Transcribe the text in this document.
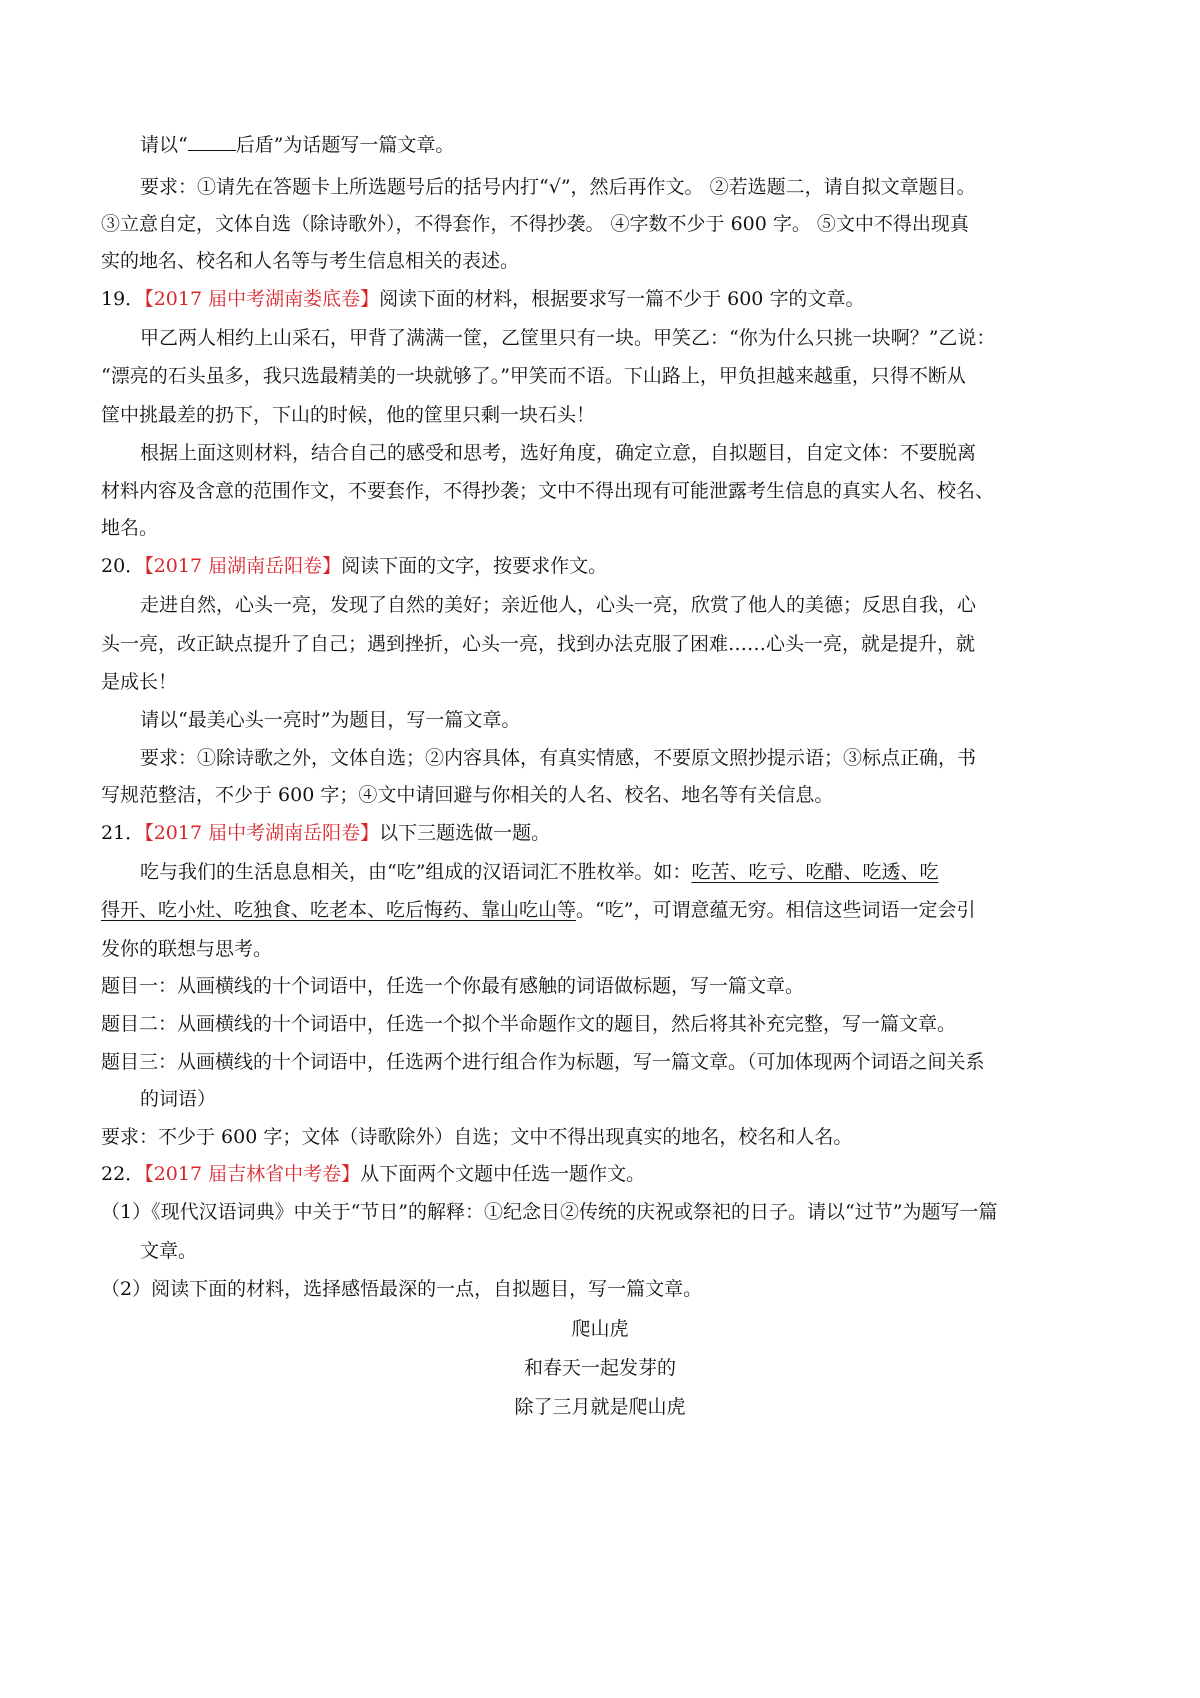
请以“	后盾”为话题写一篇文章。
要求：①请先在答题卡上所选题号后的括号内打“√”，然后再作文。 ②若选题二，请自拟文章题目。
③立意自定，文体自选（除诗歌外），不得套作，不得抄袭。 ④字数不少于 600 字。 ⑤文中不得出现真
实的地名、校名和人名等与考生信息相关的表述。
19．【2017 届中考湖南娄底卷】阅读下面的材料，根据要求写一篇不少于 600 字的文章。
甲乙两人相约上山采石，甲背了满满一筐，乙筐里只有一块。甲笑乙：“你为什么只挑一块啊？”乙说：
“漂亮的石头虽多，我只选最精美的一块就够了。”甲笑而不语。下山路上，甲负担越来越重，只得不断从
筐中挑最差的扔下，下山的时候，他的筐里只剩一块石头！
根据上面这则材料，结合自己的感受和思考，选好角度，确定立意，自拟题目，自定文体：不要脱离
材料内容及含意的范围作文，不要套作，不得抄袭；文中不得出现有可能泄露考生信息的真实人名、校名、
地名。
20．【2017 届湖南岳阳卷】阅读下面的文字，按要求作文。
走进自然，心头一亮，发现了自然的美好；亲近他人，心头一亮，欣赏了他人的美德；反思自我，心
头一亮，改正缺点提升了自己；遇到挫折，心头一亮，找到办法克服了困难……心头一亮，就是提升，就
是成长！
请以“最美心头一亮时”为题目，写一篇文章。
要求：①除诗歌之外，文体自选；②内容具体，有真实情感，不要原文照抄提示语；③标点正确，书
写规范整洁，不少于 600 字；④文中请回避与你相关的人名、校名、地名等有关信息。
21．【2017 届中考湖南岳阳卷】以下三题选做一题。
吃与我们的生活息息相关，由“吃”组成的汉语词汇不胜枚举。如：吃苦、吃亏、吃醋、吃透、吃
得开、吃小灶、吃独食、吃老本、吃后悔药、靠山吃山等。“吃”，可谓意蕴无穷。相信这些词语一定会引
发你的联想与思考。
题目一：从画横线的十个词语中，任选一个你最有感触的词语做标题，写一篇文章。
题目二：从画横线的十个词语中，任选一个拟个半命题作文的题目，然后将其补充完整，写一篇文章。
题目三：从画横线的十个词语中，任选两个进行组合作为标题，写一篇文章。（可加体现两个词语之间关系
的词语）
要求：不少于 600 字；文体（诗歌除外）自选；文中不得出现真实的地名，校名和人名。
22．【2017 届吉林省中考卷】从下面两个文题中任选一题作文。
（1）《现代汉语词典》中关于“节日”的解释：①纪念日②传统的庆祝或祭祀的日子。请以“过节”为题写一篇
文章。
（2）阅读下面的材料，选择感悟最深的一点，自拟题目，写一篇文章。
爬山虎
和春天一起发芽的
除了三月就是爬山虎
